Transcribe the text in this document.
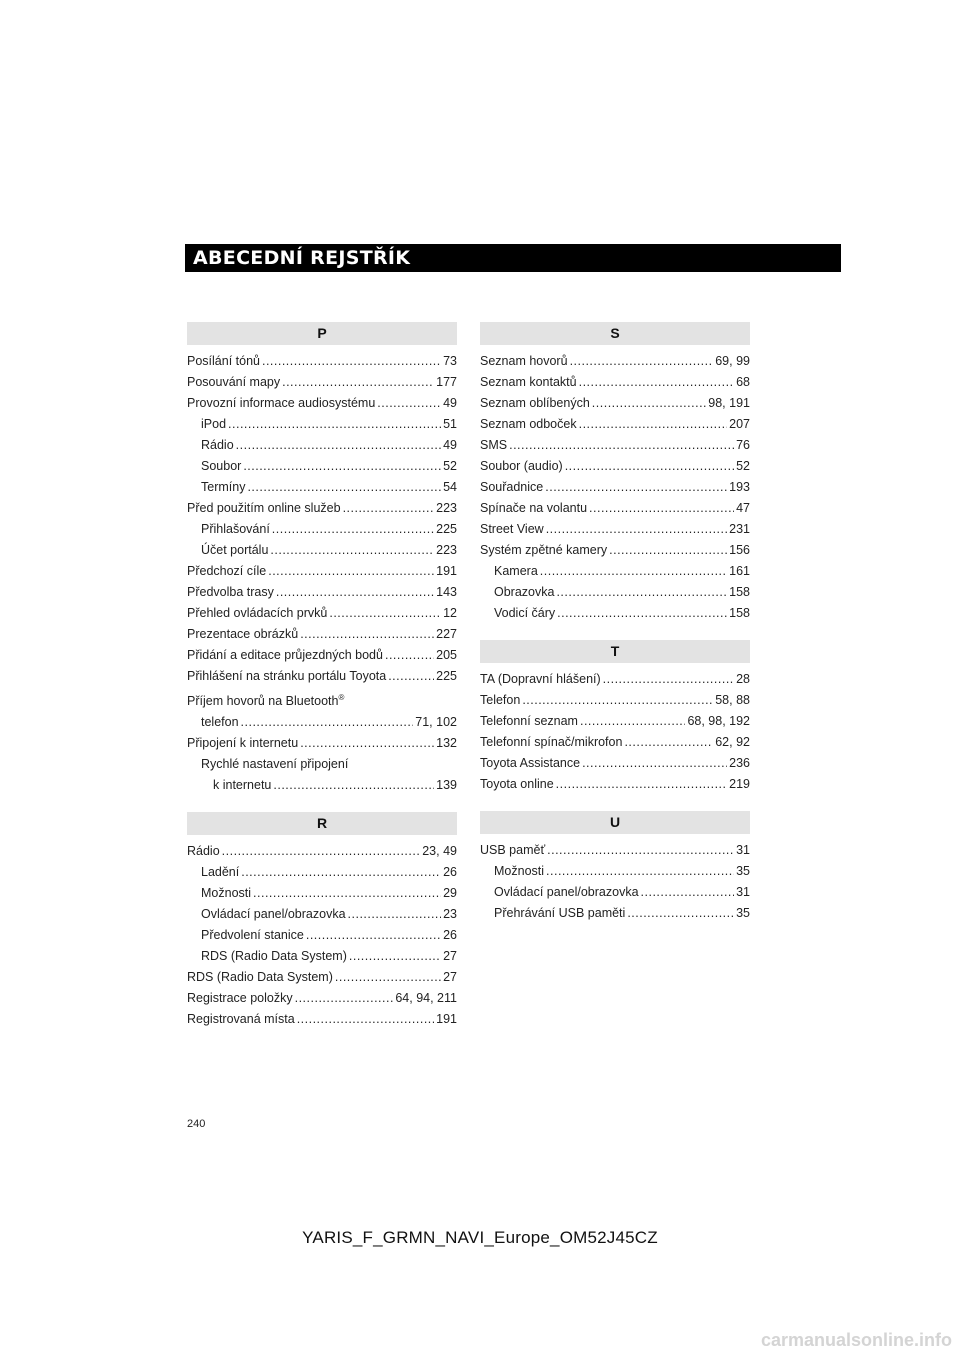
ABECEDNÍ REJSTŘÍK
P
Posílání tónů .....	73
Posouvání mapy .....	177
Provozní informace audiosystému .....	49
iPod .....	51
Rádio .....	49
Soubor .....	52
Termíny .....	54
Před použitím online služeb .....	223
Přihlašování .....	225
Účet portálu .....	223
Předchozí cíle .....	191
Předvolba trasy .....	143
Přehled ovládacích prvků .....	12
Prezentace obrázků .....	227
Přidání a editace průjezdných bodů .....	205
Přihlášení na stránku portálu Toyota .....	225
Příjem hovorů na Bluetooth®
telefon .....	71, 102
Připojení k internetu .....	132
Rychlé nastavení připojení
k internetu .....	139
R
Rádio .....	23, 49
Ladění .....	26
Možnosti .....	29
Ovládací panel/obrazovka .....	23
Předvolení stanice .....	26
RDS (Radio Data System) .....	27
RDS (Radio Data System) .....	27
Registrace položky .....	64, 94, 211
Registrovaná místa .....	191
S
Seznam hovorů .....	69, 99
Seznam kontaktů .....	68
Seznam oblíbených .....	98, 191
Seznam odboček .....	207
SMS .....	76
Soubor (audio) .....	52
Souřadnice .....	193
Spínače na volantu .....	47
Street View .....	231
Systém zpětné kamery .....	156
Kamera .....	161
Obrazovka .....	158
Vodicí čáry .....	158
T
TA (Dopravní hlášení) .....	28
Telefon .....	58, 88
Telefonní seznam .....	68, 98, 192
Telefonní spínač/mikrofon .....	62, 92
Toyota Assistance .....	236
Toyota online .....	219
U
USB paměť .....	31
Možnosti .....	35
Ovládací panel/obrazovka .....	31
Přehrávání USB paměti .....	35
240
YARIS_F_GRMN_NAVI_Europe_OM52J45CZ
carmanualsonline.info
